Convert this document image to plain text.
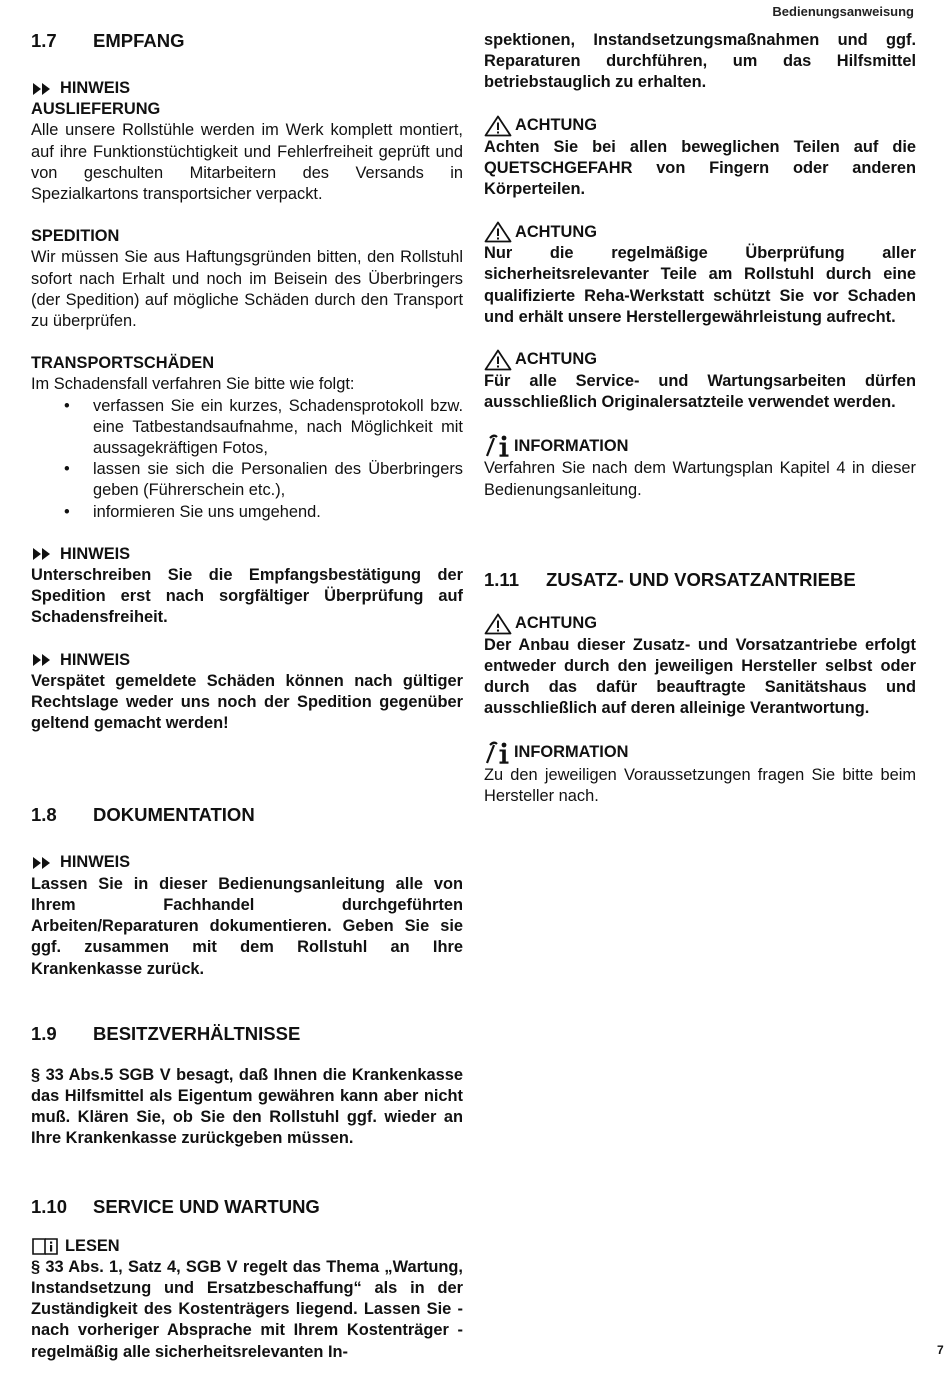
Bedienungsanweisung
1.7 EMPFANG
HINWEIS
AUSLIEFERUNG

Alle unsere Rollstühle werden im Werk komplett montiert, auf ihre Funktionstüchtigkeit und Fehlerfreiheit geprüft und von geschulten Mitarbeitern des Versands in Spezialkartons transportsicher verpackt.

SPEDITION

Wir müssen Sie aus Haftungsgründen bitten, den Rollstuhl sofort nach Erhalt und noch im Beisein des Überbringers (der Spedition) auf mögliche Schäden durch den Transport zu überprüfen.

TRANSPORTSCHÄDEN

Im Schadensfall verfahren Sie bitte wie folgt:

• verfassen Sie ein kurzes, Schadensprotokoll bzw. eine Tatbestandsaufnahme, nach Möglichkeit mit aussagekräftigen Fotos,
• lassen sie sich die Personalien des Überbringers geben (Führerschein etc.),
• informieren Sie uns umgehend.
HINWEIS

Unterschreiben Sie die Empfangsbestätigung der Spedition erst nach sorgfältiger Überprüfung auf Schadensfreiheit.

HINWEIS

Verspätet gemeldete Schäden können nach gültiger Rechtslage weder uns noch der Spedition gegenüber geltend gemacht werden!

1.8 DOKUMENTATION
HINWEIS

Lassen Sie in dieser Bedienungsanleitung alle von Ihrem Fachhandel durchgeführten Arbeiten/Reparaturen dokumentieren. Geben Sie sie ggf. zusammen mit dem Rollstuhl an Ihre Krankenkasse zurück.

1.9 BESITZVERHÄLTNISSE

§ 33 Abs.5 SGB V besagt, daß Ihnen die Krankenkasse das Hilfsmittel als Eigentum gewähren kann aber nicht muß. Klären Sie, ob Sie den Rollstuhl ggf. wieder an Ihre Krankenkasse zurückgeben müssen.

1.10 SERVICE UND WARTUNG
LESEN

§ 33 Abs. 1, Satz 4, SGB V regelt das Thema „Wartung, Instandsetzung und Ersatzbeschaffung“ als in der Zuständigkeit des Kostenträgers liegend. Lassen Sie - nach vorheriger Absprache mit Ihrem Kostenträger - regelmäßig alle sicherheitsrelevanten In-

spektionen, Instandsetzungsmaßnahmen und ggf. Reparaturen durchführen, um das Hilfsmittel betriebstauglich zu erhalten.

ACHTUNG

Achten Sie bei allen beweglichen Teilen auf die QUETSCHGEFAHR von Fingern oder anderen Körperteilen.

ACHTUNG

Nur die regelmäßige Überprüfung aller sicherheitsrelevanter Teile am Rollstuhl durch eine qualifizierte Reha-Werkstatt schützt Sie vor Schaden und erhält unsere Herstellergewährleistung aufrecht.

ACHTUNG

Für alle Service- und Wartungsarbeiten dürfen ausschließlich Originalersatzteile verwendet werden.

INFORMATION

Verfahren Sie nach dem Wartungsplan Kapitel 4 in dieser Bedienungsanleitung.

1.11 ZUSATZ- UND VORSATZANTRIEBE
ACHTUNG

Der Anbau dieser Zusatz- und Vorsatzantriebe erfolgt entweder durch den jeweiligen Hersteller selbst oder durch das dafür beauftragte Sanitätshaus und ausschließlich auf deren alleinige Verantwortung.

INFORMATION

Zu den jeweiligen Voraussetzungen fragen Sie bitte beim Hersteller nach.

7
